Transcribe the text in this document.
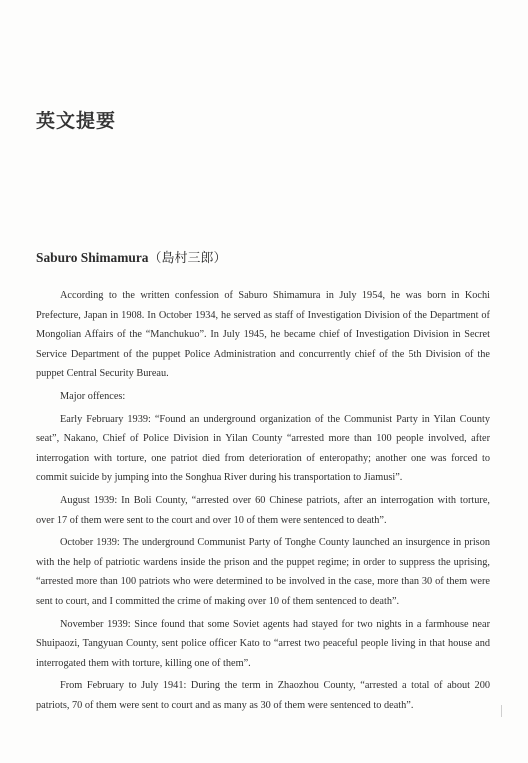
英文提要
Saburo Shimamura（島村三郎）

According to the written confession of Saburo Shimamura in July 1954, he was born in Kochi Prefecture, Japan in 1908. In October 1934, he served as staff of Investigation Division of the Department of Mongolian Affairs of the “Manchukuo”. In July 1945, he became chief of Investigation Division in Secret Service Department of the puppet Police Administration and concurrently chief of the 5th Division of the puppet Central Security Bureau.

Major offences:

Early February 1939: “Found an underground organization of the Communist Party in Yilan County seat”, Nakano, Chief of Police Division in Yilan County “arrested more than 100 people involved, after interrogation with torture, one patriot died from deterioration of enteropathy; another one was forced to commit suicide by jumping into the Songhua River during his transportation to Jiamusi”.

August 1939: In Boli County, “arrested over 60 Chinese patriots, after an interrogation with torture, over 17 of them were sent to the court and over 10 of them were sentenced to death”.

October 1939: The underground Communist Party of Tonghe County launched an insurgence in prison with the help of patriotic wardens inside the prison and the puppet regime; in order to suppress the uprising, “arrested more than 100 patriots who were determined to be involved in the case, more than 30 of them were sent to court, and I committed the crime of making over 10 of them sentenced to death”.

November 1939: Since found that some Soviet agents had stayed for two nights in a farmhouse near Shuipaozi, Tangyuan County, sent police officer Kato to “arrest two peaceful people living in that house and interrogated them with torture, killing one of them”.

From February to July 1941: During the term in Zhaozhou County, “arrested a total of about 200 patriots, 70 of them were sent to court and as many as 30 of them were sentenced to death”.
